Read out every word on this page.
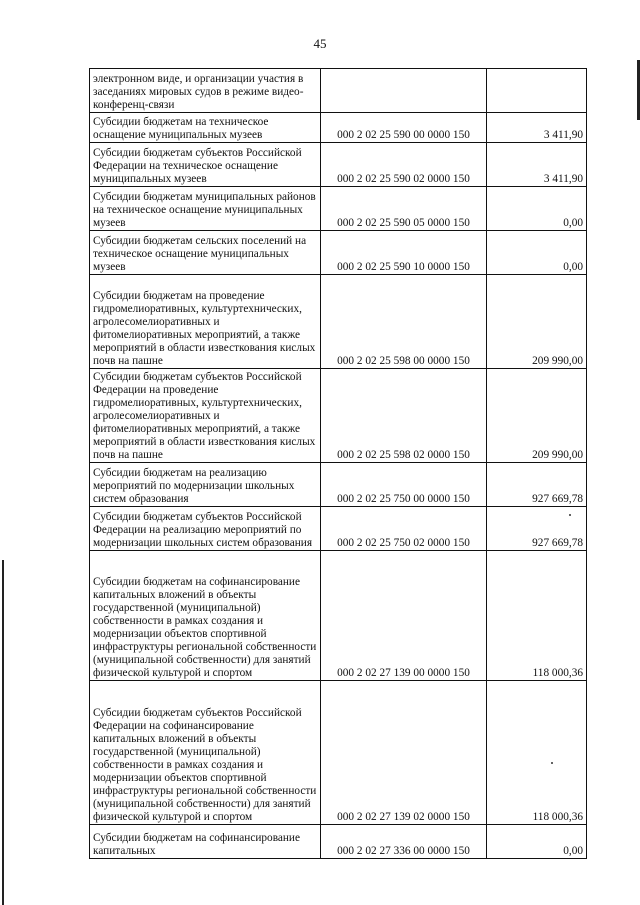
45
электронном виде, и организации участия в заседаниях мировых судов в режиме видео-конференц-связи		
Субсидии бюджетам на техническое оснащение муниципальных музеев	000 2 02 25 590 00 0000 150	3 411,90
Субсидии бюджетам субъектов Российской Федерации на техническое оснащение муниципальных музеев	000 2 02 25 590 02 0000 150	3 411,90
Субсидии бюджетам муниципальных районов на техническое оснащение муниципальных музеев	000 2 02 25 590 05 0000 150	0,00
Субсидии бюджетам сельских поселений на техническое оснащение муниципальных музеев	000 2 02 25 590 10 0000 150	0,00
Субсидии бюджетам на проведение гидромелиоративных, культуртехнических, агролесомелиоративных и фитомелиоративных мероприятий, а также мероприятий в области известкования кислых почв на пашне	000 2 02 25 598 00 0000 150	209 990,00
Субсидии бюджетам субъектов Российской Федерации на проведение гидромелиоративных, культуртехнических, агролесомелиоративных и фитомелиоративных мероприятий, а также мероприятий в области известкования кислых почв на пашне	000 2 02 25 598 02 0000 150	209 990,00
Субсидии бюджетам на реализацию мероприятий по модернизации школьных систем образования	000 2 02 25 750 00 0000 150	927 669,78
Субсидии бюджетам субъектов Российской Федерации на реализацию мероприятий по модернизации школьных систем образования	000 2 02 25 750 02 0000 150	927 669,78
Субсидии бюджетам на софинансирование капитальных вложений в объекты государственной (муниципальной) собственности в рамках создания и модернизации объектов спортивной инфраструктуры региональной собственности (муниципальной собственности) для занятий физической культурой и спортом	000 2 02 27 139 00 0000 150	118 000,36
Субсидии бюджетам субъектов Российской Федерации на софинансирование капитальных вложений в объекты государственной (муниципальной) собственности в рамках создания и модернизации объектов спортивной инфраструктуры региональной собственности (муниципальной собственности) для занятий физической культурой и спортом	000 2 02 27 139 02 0000 150	118 000,36
Субсидии бюджетам на софинансирование капитальных	000 2 02 27 336 00 0000 150	0,00
